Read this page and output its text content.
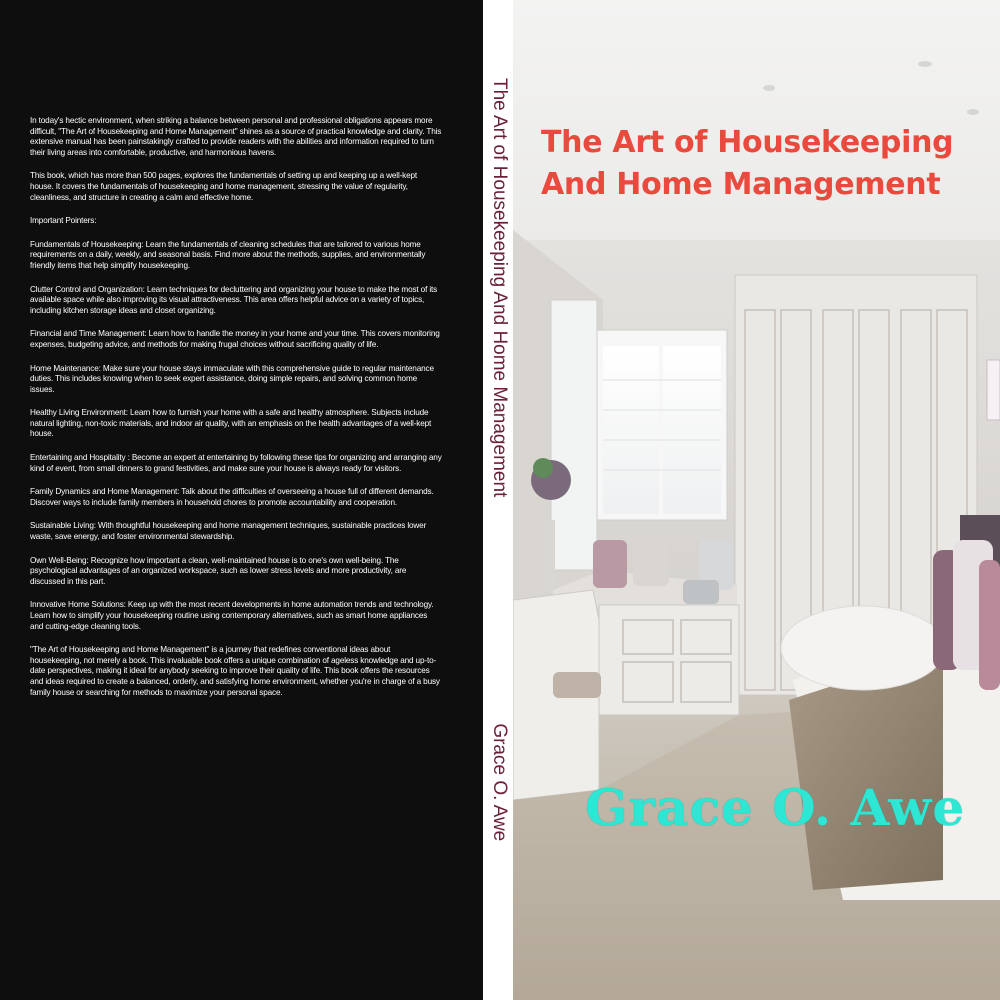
In today's hectic environment, when striking a balance between personal and professional obligations appears more difficult, "The Art of Housekeeping and Home Management" shines as a source of practical knowledge and clarity. This extensive manual has been painstakingly crafted to provide readers with the abilities and information required to turn their living areas into comfortable, productive, and harmonious havens.

This book, which has more than 500 pages, explores the fundamentals of setting up and keeping up a well-kept house. It covers the fundamentals of housekeeping and home management, stressing the value of regularity, cleanliness, and structure in creating a calm and effective home.

Important Pointers:

Fundamentals of Housekeeping: Learn the fundamentals of cleaning schedules that are tailored to various home requirements on a daily, weekly, and seasonal basis. Find more about the methods, supplies, and environmentally friendly items that help simplify housekeeping.

Clutter Control and Organization: Learn techniques for decluttering and organizing your house to make the most of its available space while also improving its visual attractiveness. This area offers helpful advice on a variety of topics, including kitchen storage ideas and closet organizing.

Financial and Time Management: Learn how to handle the money in your home and your time. This covers monitoring expenses, budgeting advice, and methods for making frugal choices without sacrificing quality of life.

Home Maintenance: Make sure your house stays immaculate with this comprehensive guide to regular maintenance duties. This includes knowing when to seek expert assistance, doing simple repairs, and solving common home issues.

Healthy Living Environment: Learn how to furnish your home with a safe and healthy atmosphere. Subjects include natural lighting, non-toxic materials, and indoor air quality, with an emphasis on the health advantages of a well-kept house.

Entertaining and Hospitality : Become an expert at entertaining by following these tips for organizing and arranging any kind of event, from small dinners to grand festivities, and make sure your house is always ready for visitors.

Family Dynamics and Home Management: Talk about the difficulties of overseeing a house full of different demands. Discover ways to include family members in household chores to promote accountability and cooperation.

Sustainable Living: With thoughtful housekeeping and home management techniques, sustainable practices lower waste, save energy, and foster environmental stewardship.

Own Well-Being: Recognize how important a clean, well-maintained house is to one's own well-being. The psychological advantages of an organized workspace, such as lower stress levels and more productivity, are discussed in this part.

Innovative Home Solutions: Keep up with the most recent developments in home automation trends and technology. Learn how to simplify your housekeeping routine using contemporary alternatives, such as smart home appliances and cutting-edge cleaning tools.

"The Art of Housekeeping and Home Management" is a journey that redefines conventional ideas about housekeeping, not merely a book. This invaluable book offers a unique combination of ageless knowledge and up-to-date perspectives, making it ideal for anybody seeking to improve their quality of life. This book offers the resources and ideas required to create a balanced, orderly, and satisfying home environment, whether you're in charge of a busy family house or searching for methods to maximize your personal space.

The Art of Housekeeping And Home Management
Grace O. Awe
The Art of Housekeeping
And Home Management
Grace O. Awe
